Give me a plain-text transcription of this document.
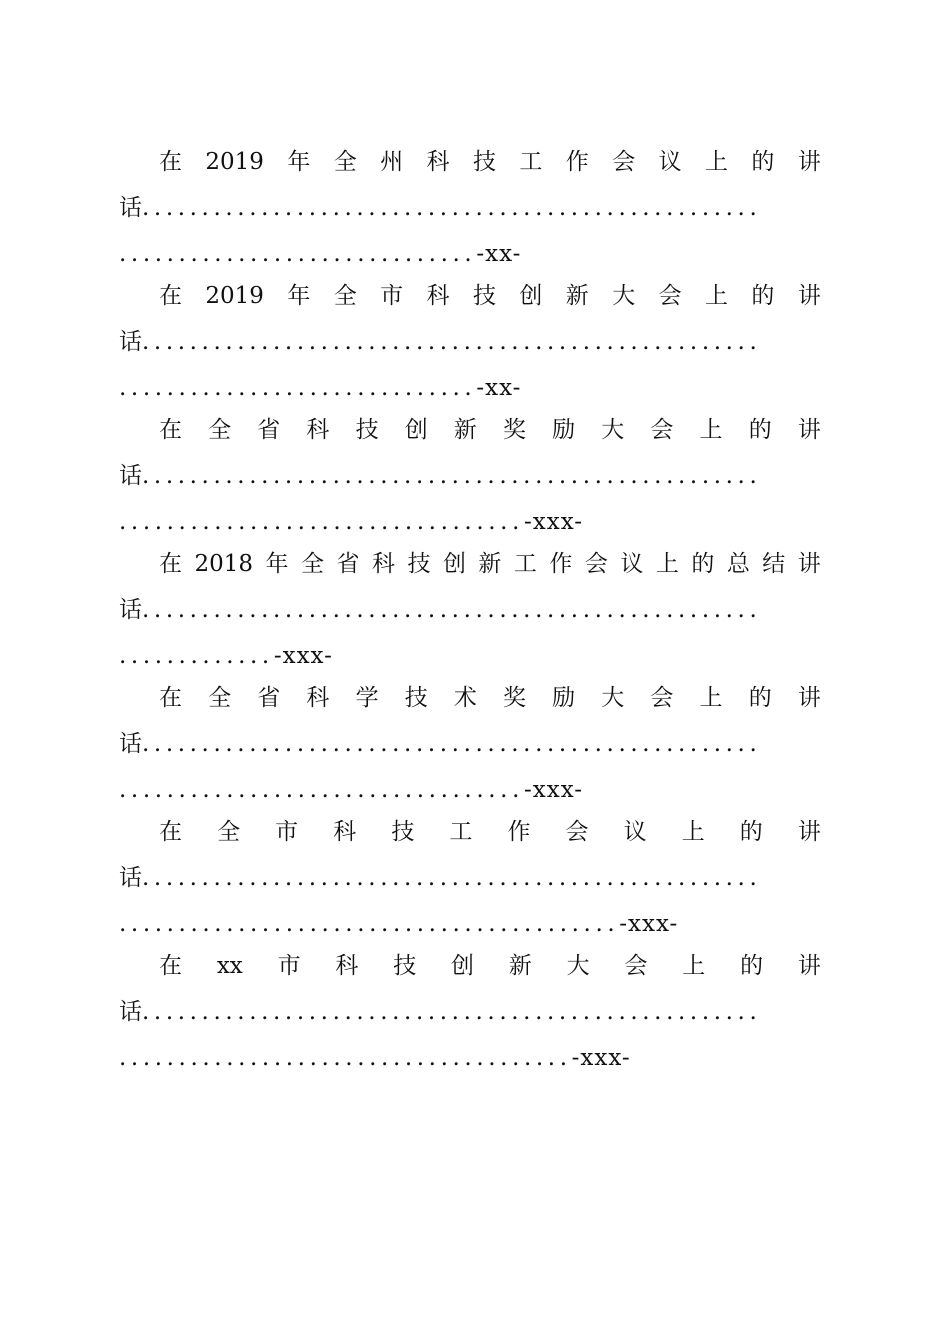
在 2019 年 全 州 科 技 工 作 会 议 上 的 讲
话....................................................
..............................-xx-
在 2019 年 全 市 科 技 创 新 大 会 上 的 讲
话....................................................
..............................-xx-
在 全 省 科 技 创 新 奖 励 大 会 上 的 讲
话....................................................
..................................-xxx-
在 2018 年 全 省 科 技 创 新 工 作 会 议 上 的 总 结 讲
话....................................................
.............-xxx-
在 全 省 科 学 技 术 奖 励 大 会 上 的 讲
话....................................................
..................................-xxx-
在 全 市 科 技 工 作 会 议 上 的 讲
话....................................................
..........................................-xxx-
在 xx 市 科 技 创 新 大 会 上 的 讲
话....................................................
......................................-xxx-
